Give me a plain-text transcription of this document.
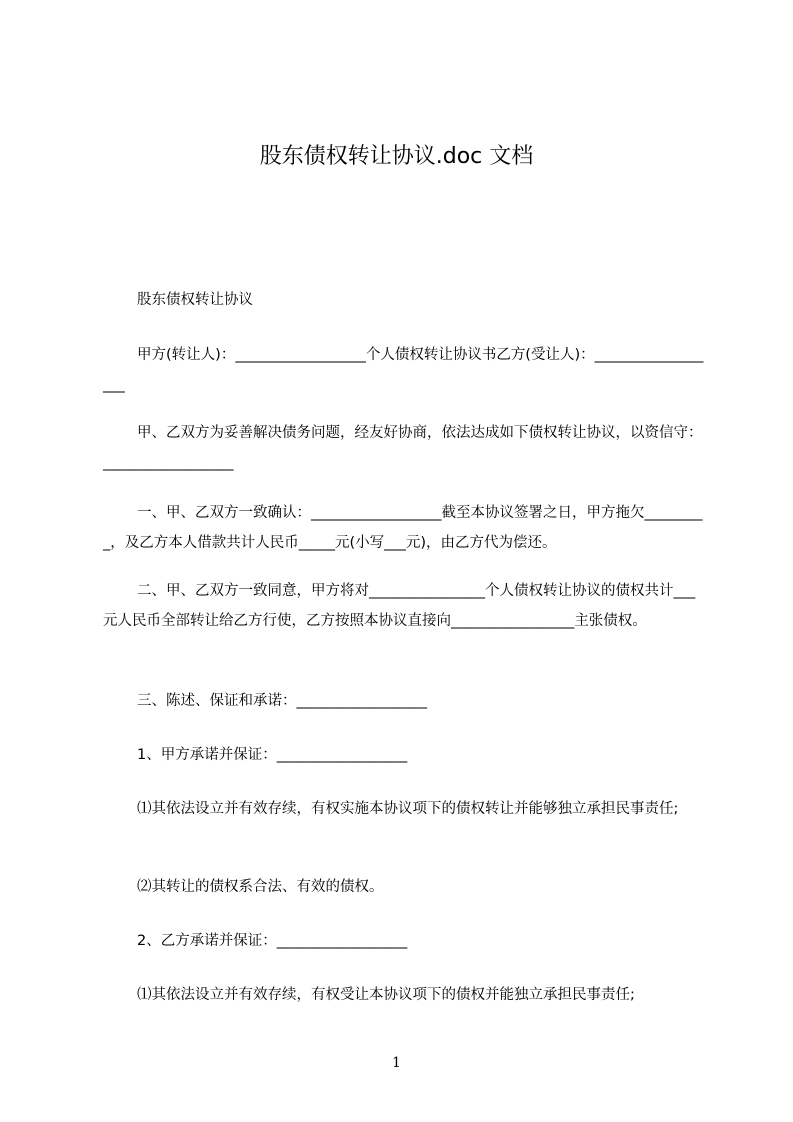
股东债权转让协议.doc 文档

股东债权转让协议

甲方(转让人)：__________________个人债权转让协议书乙方(受让人)：__________________

甲、乙双方为妥善解决债务问题，经友好协商，依法达成如下债权转让协议，以资信守：__________________

一、甲、乙双方一致确认：__________________截至本协议签署之日，甲方拖欠_________，及乙方本人借款共计人民币_____元(小写___元)，由乙方代为偿还。

二、甲、乙双方一致同意，甲方将对________________个人债权转让协议的债权共计___元人民币全部转让给乙方行使，乙方按照本协议直接向_________________主张债权。

三、陈述、保证和承诺：__________________

1、甲方承诺并保证：__________________

⑴其依法设立并有效存续，有权实施本协议项下的债权转让并能够独立承担民事责任;

⑵其转让的债权系合法、有效的债权。

2、乙方承诺并保证：__________________

⑴其依法设立并有效存续，有权受让本协议项下的债权并能独立承担民事责任;

1
